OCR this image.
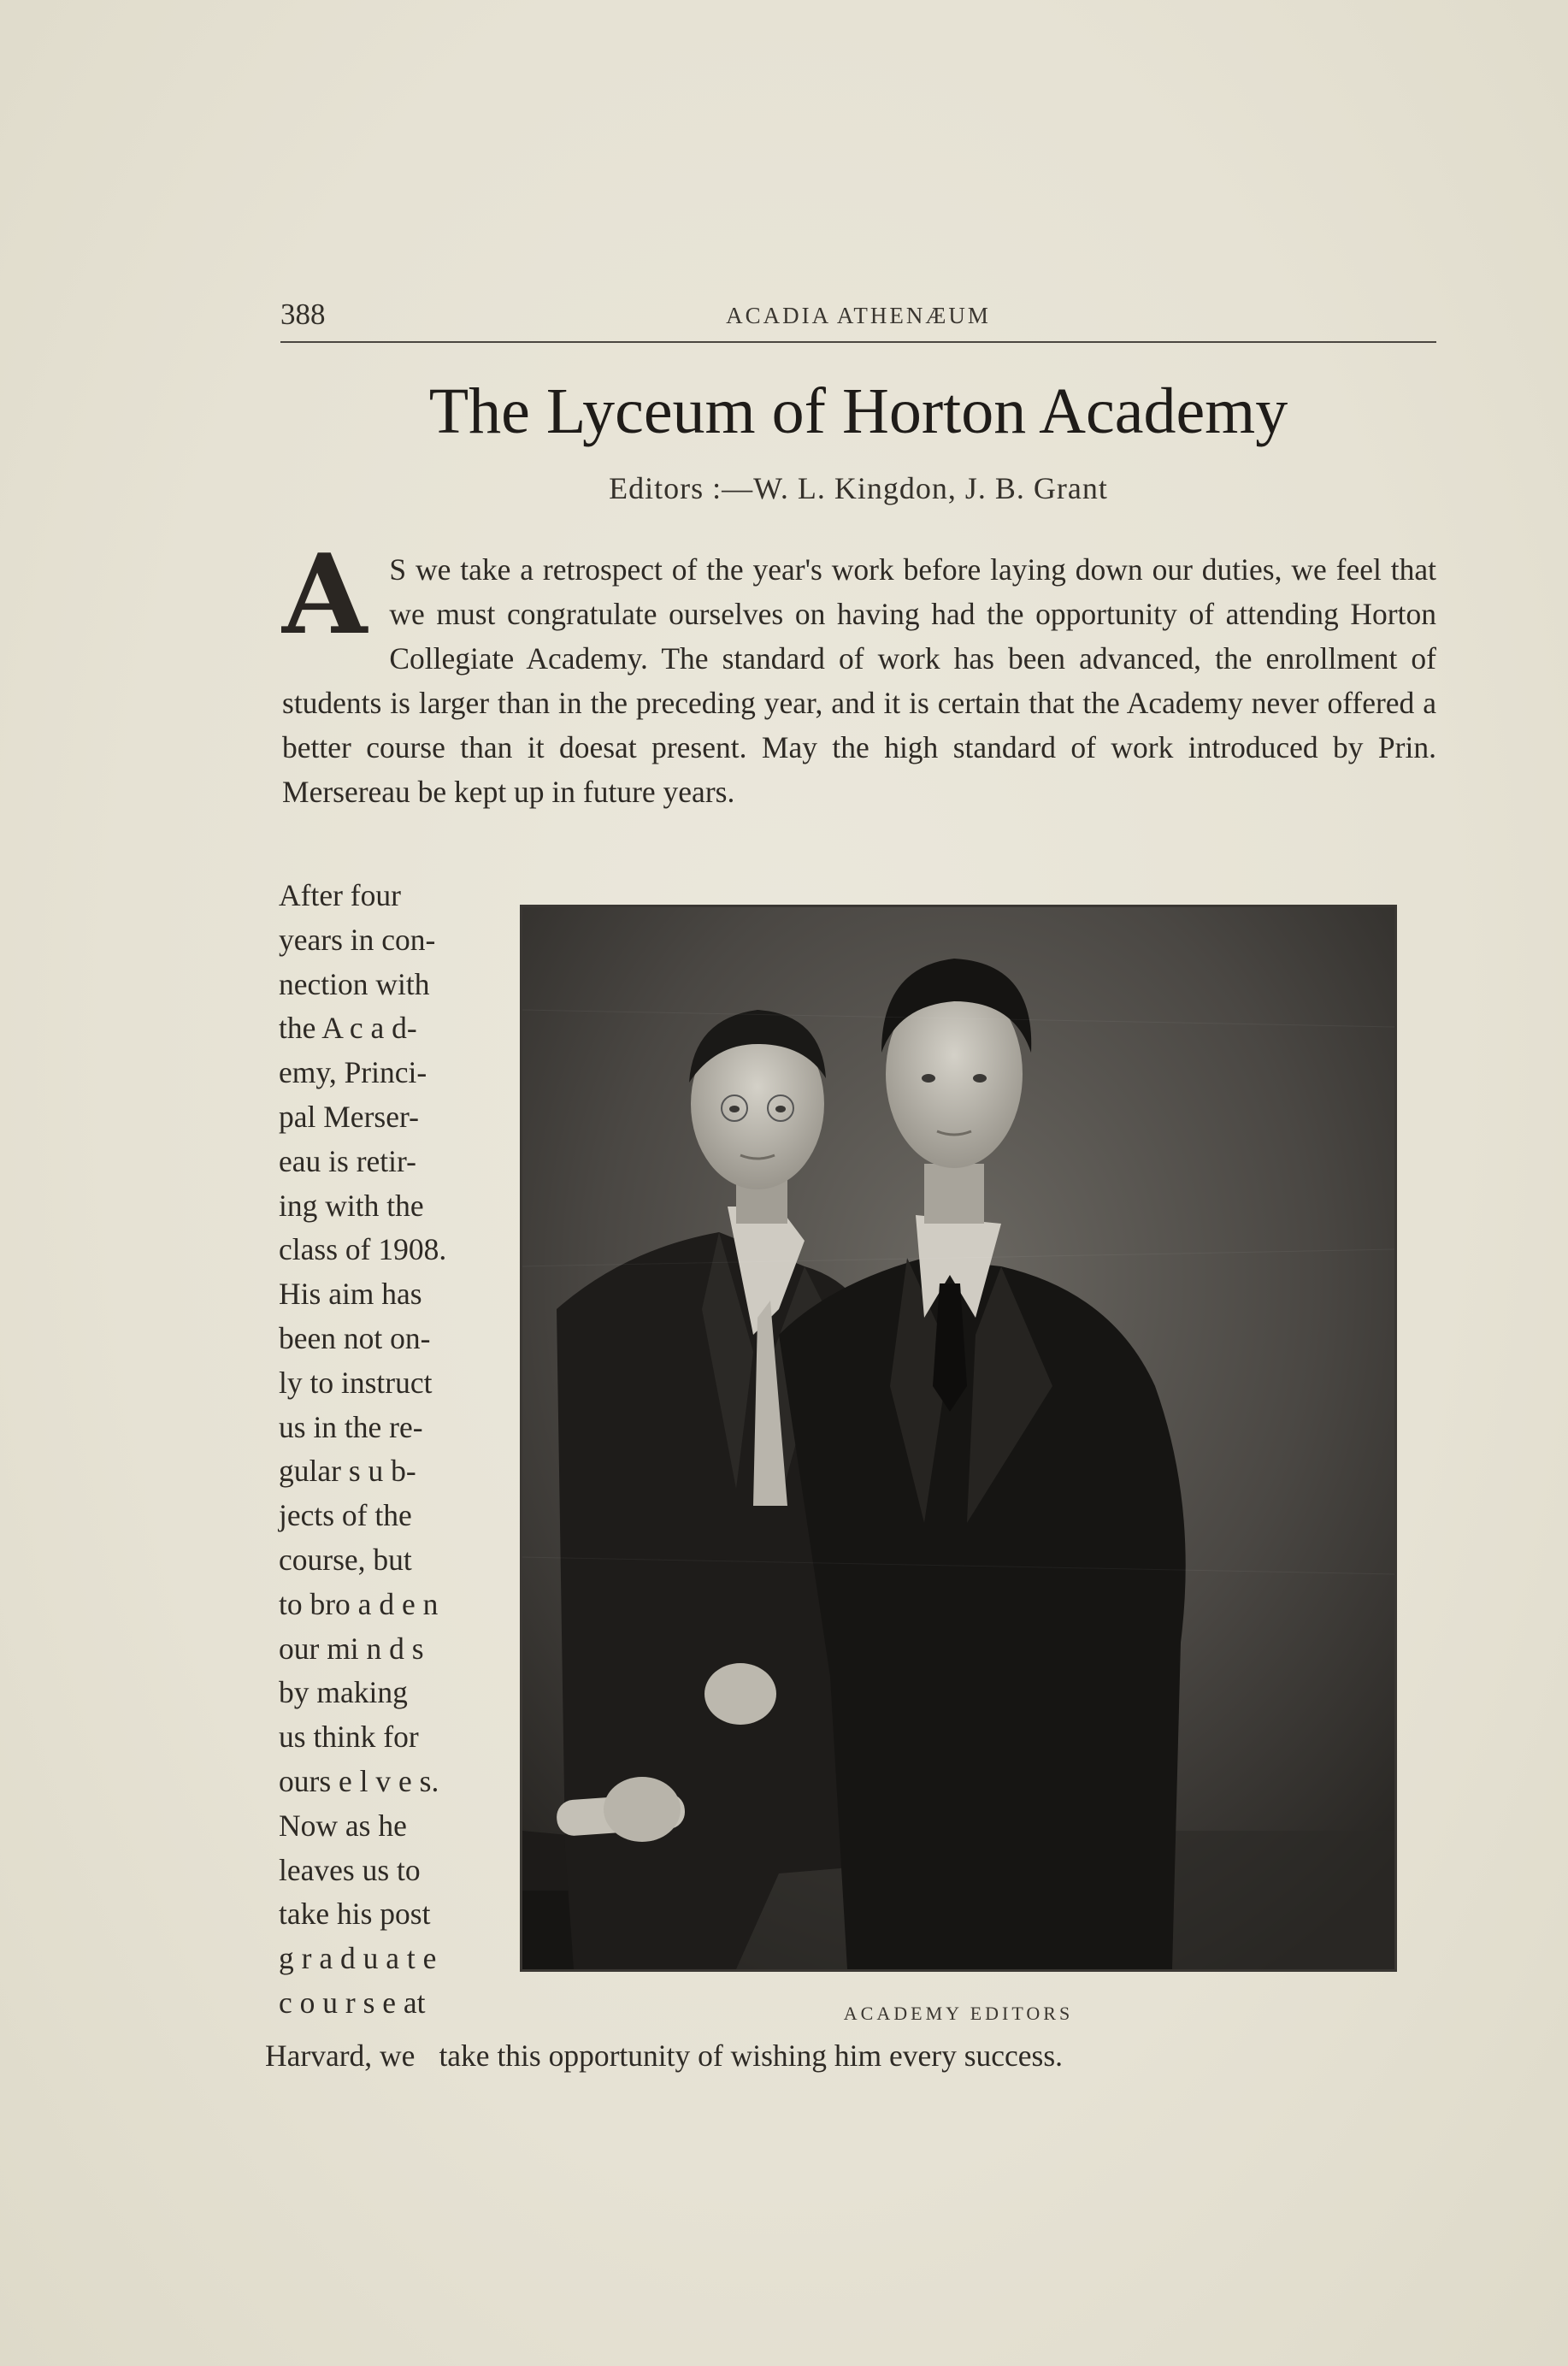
388	ACADIA ATHENÆUM
The Lyceum of Horton Academy
Editors :—W. L. Kingdon, J. B. Grant

A S we take a retrospect of the year's work before laying down our duties, we feel that we must congratulate ourselves on having had the opportunity of attending Horton Collegiate Academy. The standard of work has been advanced, the enrollment of students is larger than in the preceding year, and it is certain that the Academy never offered a better course than it doesat present. May the high standard of work introduced by Prin. Mersereau be kept up in future years.

After four
years in con-
nection with
the A c a d-
emy, Princi-
pal Merser-
eau is retir-
ing with the
class of 1908.
His aim has
been not on-
ly to instruct
us in the re-
gular s u b-
jects of the
course, but
to bro a d e n
our mi n d s
by making
us think for
ours e l v e s.
Now as he
leaves us to
take his post
g r a d u a t e
c o u r s e at	ACADEMY EDITORS
Harvard, we take this opportunity of wishing him every success.
